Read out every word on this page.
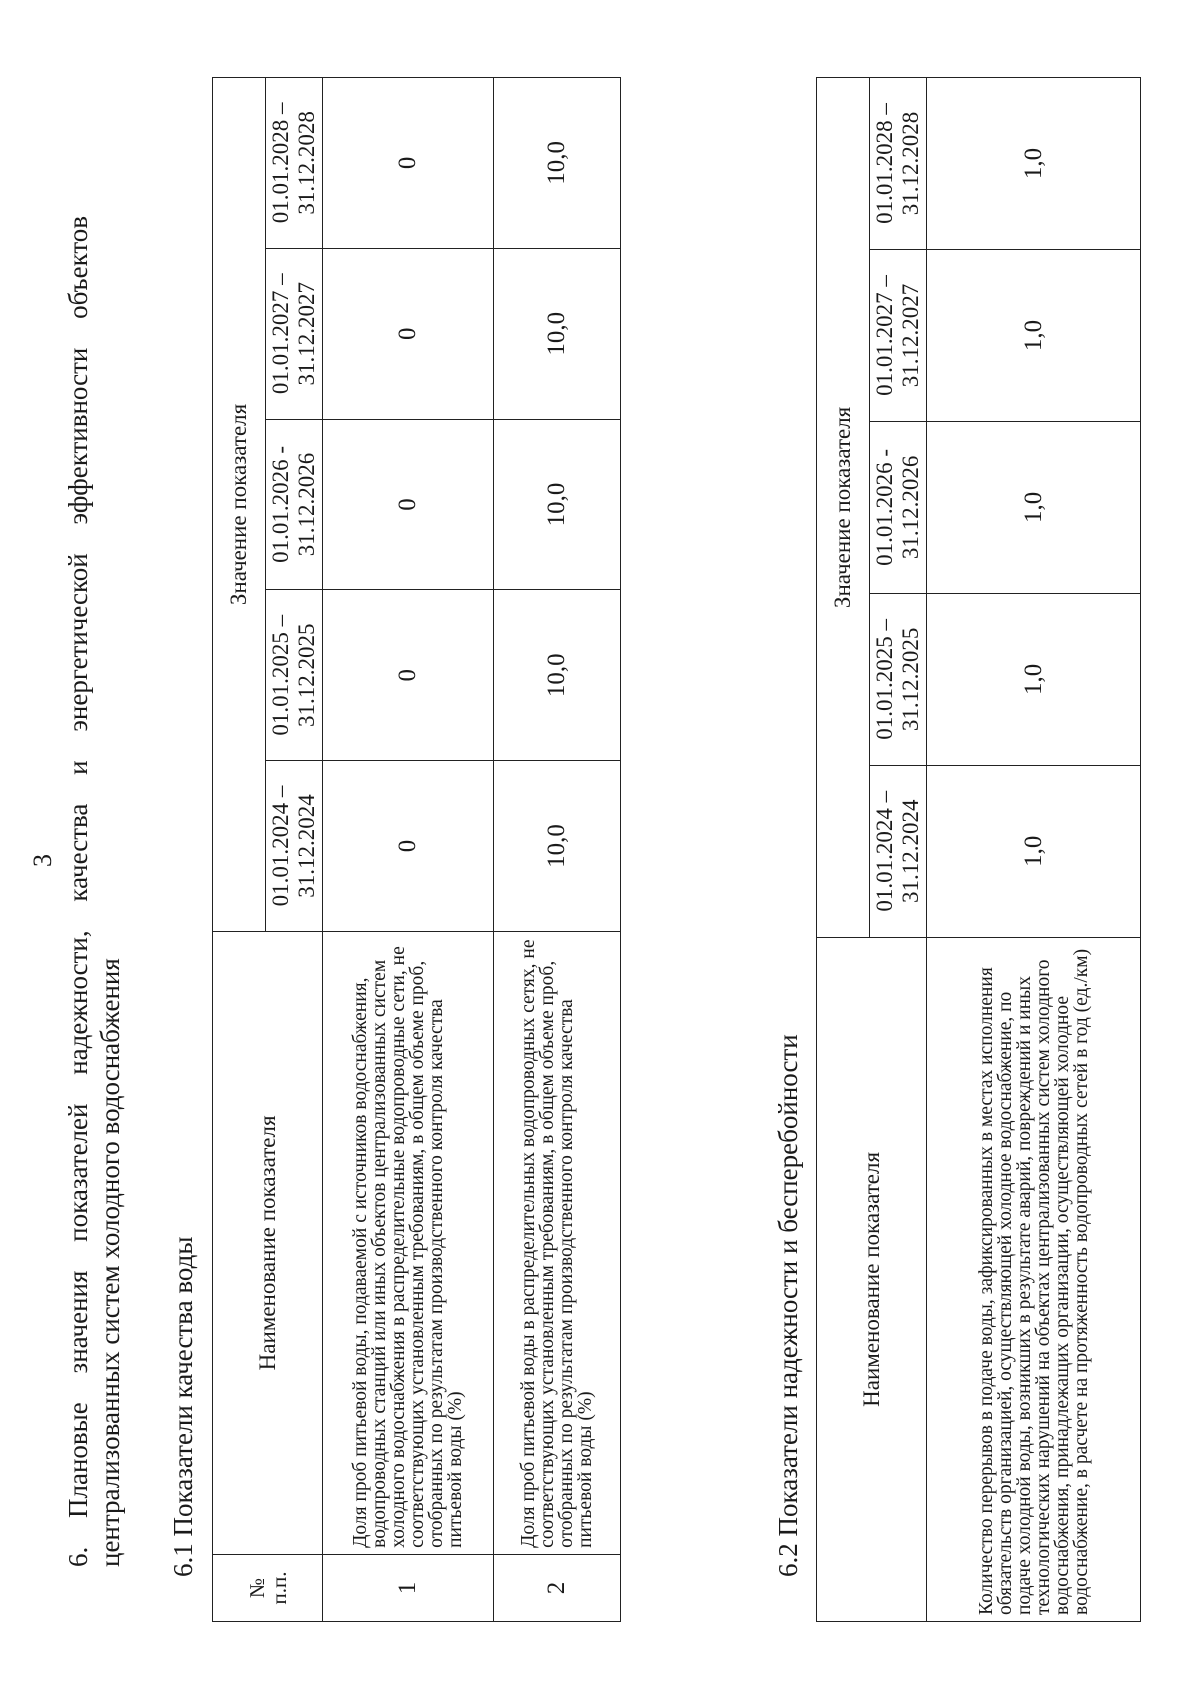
3 6. Плановые значения показателей надежности, качества и энергетической эффективности объектов централизованных систем холодного водоснабжения 6.1 Показатели качества воды
№ п.п.	Наименование показателя	Значение показателя				
		01.01.2024 – 31.12.2024	01.01.2025 – 31.12.2025	01.01.2026 - 31.12.2026	01.01.2027 – 31.12.2027	01.01.2028 – 31.12.2028
1	Доля проб питьевой воды, подаваемой с источников водоснабжения, водопроводных станций или иных объектов централизованных систем холодного водоснабжения в распределительные водопроводные сети, не соответствующих установленным требованиям, в общем объеме проб, отобранных по результатам производственного контроля качества питьевой воды (%)	0	0	0	0	0
2	Доля проб питьевой воды в распределительных водопроводных сетях, не соответствующих установленным требованиям, в общем объеме проб, отобранных по результатам производственного контроля качества питьевой воды (%)	10,0	10,0	10,0	10,0	10,0
6.2 Показатели надежности и бесперебойности Наименование показателя	Значение показателя				
	01.01.2024 – 31.12.2024	01.01.2025 – 31.12.2025	01.01.2026 - 31.12.2026	01.01.2027 – 31.12.2027	01.01.2028 – 31.12.2028
Количество перерывов в подаче воды, зафиксированных в местах исполнения обязательств организацией, осуществляющей холодное водоснабжение, по подаче холодной воды, возникших в результате аварий, повреждений и иных технологических нарушений на объектах централизованных систем холодного водоснабжения, принадлежащих организации, осуществляющей холодное водоснабжение, в расчете на протяженность водопроводных сетей в год (ед./км)	1,0	1,0	1,0	1,0	1,0
